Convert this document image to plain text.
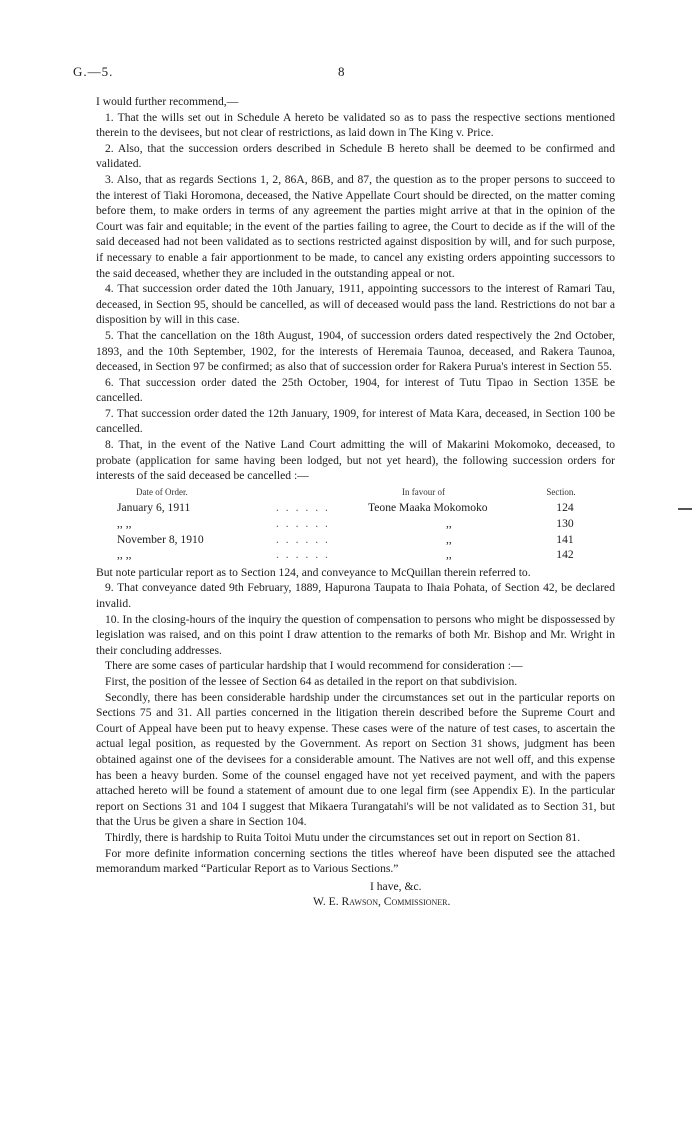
G.—5.	8

I would further recommend,—

1. That the wills set out in Schedule A hereto be validated so as to pass the respective sections mentioned therein to the devisees, but not clear of restrictions, as laid down in The King v. Price.

2. Also, that the succession orders described in Schedule B hereto shall be deemed to be confirmed and validated.

3. Also, that as regards Sections 1, 2, 86A, 86B, and 87, the question as to the proper persons to succeed to the interest of Tiaki Horomona, deceased, the Native Appellate Court should be directed, on the matter coming before them, to make orders in terms of any agreement the parties might arrive at that in the opinion of the Court was fair and equitable; in the event of the parties failing to agree, the Court to decide as if the will of the said deceased had not been validated as to sections restricted against disposition by will, and for such purpose, if necessary to enable a fair apportionment to be made, to cancel any existing orders appointing successors to the said deceased, whether they are included in the outstanding appeal or not.

4. That succession order dated the 10th January, 1911, appointing successors to the interest of Ramari Tau, deceased, in Section 95, should be cancelled, as will of deceased would pass the land. Restrictions do not bar a disposition by will in this case.

5. That the cancellation on the 18th August, 1904, of succession orders dated respectively the 2nd October, 1893, and the 10th September, 1902, for the interests of Heremaia Taunoa, deceased, and Rakera Taunoa, deceased, in Section 97 be confirmed; as also that of succession order for Rakera Purua's interest in Section 55.

6. That succession order dated the 25th October, 1904, for interest of Tutu Tipao in Section 135E be cancelled.

7. That succession order dated the 12th January, 1909, for interest of Mata Kara, deceased, in Section 100 be cancelled.

8. That, in the event of the Native Land Court admitting the will of Makarini Mokomoko, deceased, to probate (application for same having been lodged, but not yet heard), the following succession orders for interests of the said deceased be cancelled :—

Date of Order.	In favour of	Section.
January 6, 1911	. . . . . .	Teone Maaka Mokomoko	124
,, ,,	. . . . . .	,,	130
November 8, 1910	. . . . . .	,,	141
,, ,,	. . . . . .	,,	142

But note particular report as to Section 124, and conveyance to McQuillan therein referred to.

9. That conveyance dated 9th February, 1889, Hapurona Taupata to Ihaia Pohata, of Section 42, be declared invalid.

10. In the closing-hours of the inquiry the question of compensation to persons who might be dispossessed by legislation was raised, and on this point I draw attention to the remarks of both Mr. Bishop and Mr. Wright in their concluding addresses.

There are some cases of particular hardship that I would recommend for consideration :—

First, the position of the lessee of Section 64 as detailed in the report on that subdivision.

Secondly, there has been considerable hardship under the circumstances set out in the particular reports on Sections 75 and 31. All parties concerned in the litigation therein described before the Supreme Court and Court of Appeal have been put to heavy expense. These cases were of the nature of test cases, to ascertain the actual legal position, as requested by the Government. As report on Section 31 shows, judgment has been obtained against one of the devisees for a considerable amount. The Natives are not well off, and this expense has been a heavy burden. Some of the counsel engaged have not yet received payment, and with the papers attached hereto will be found a statement of amount due to one legal firm (see Appendix E). In the particular report on Sections 31 and 104 I suggest that Mikaera Turangatahi's will be not validated as to Section 31, but that the Urus be given a share in Section 104.

Thirdly, there is hardship to Ruita Toitoi Mutu under the circumstances set out in report on Section 81.

For more definite information concerning sections the titles whereof have been disputed see the attached memorandum marked “Particular Report as to Various Sections.”

I have, &c.
W. E. Rawson, Commissioner.
